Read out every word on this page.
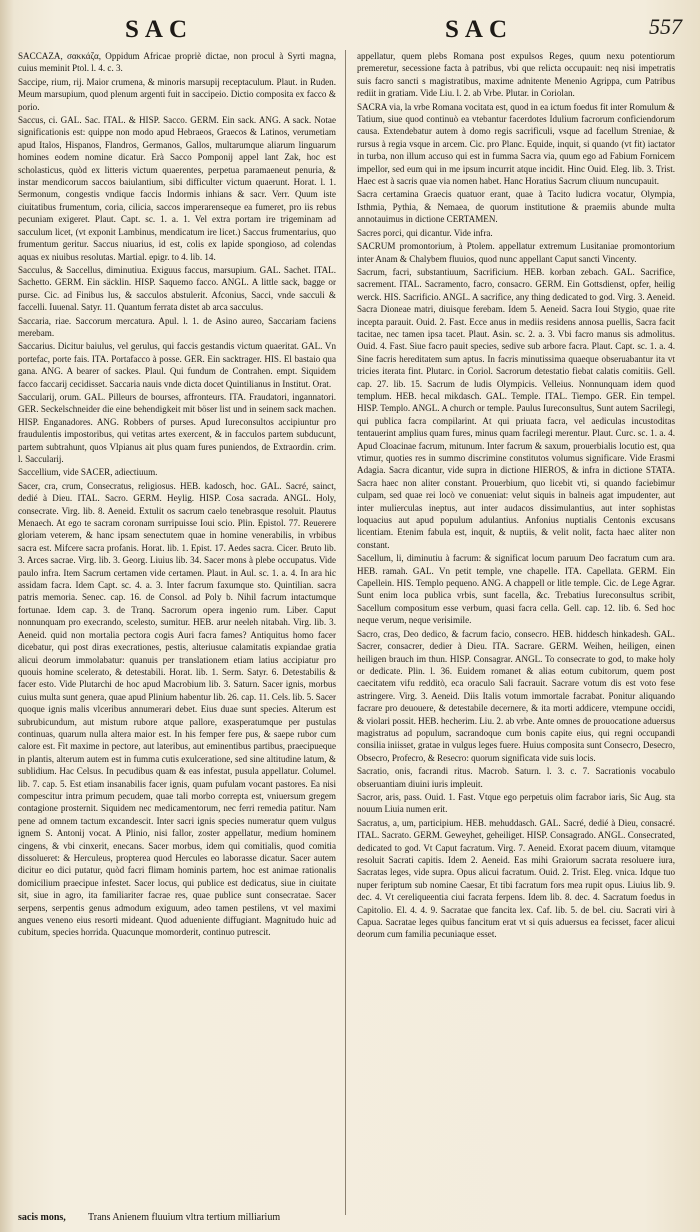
SAC	SAC	557

SACCAZA, σακκάζα, Oppidum Africae propriè dictae, non procul à Syrti magna, cuius meminit Ptol. l. 4. c. 3.

Saccipe, rium, rij. Maior crumena, & minoris marsupij receptaculum. Plaut. in Ruden. Meum marsupium, quod plenum argenti fuit in saccipeio. Dictio composita ex facco & porio.

Saccus, ci. GAL. Sac. ITAL. & HISP. Sacco. GERM. Ein sack. ANG. A sack. Notae significationis est: quippe non modo apud Hebraeos, Graecos & Latinos, verumetiam apud Italos, Hispanos, Flandros, Germanos, Gallos, multarumque aliarum linguarum homines eodem nomine dicatur. Erà Sacco Pomponij appel lant Zak, hoc est scholasticus, quòd ex litteris victum quaerentes, perpetua paramaeneut penuria, & instar mendicorum saccos baiulantium, sibi difficulter victum quaerunt. Horat. l. 1. Sermonum, congestis vndique faccis Indormis inhians & sacr. Verr. Quum iste ciuitatibus frumentum, coria, cilicia, saccos imperarenseque ea fumeret, pro iis rebus pecuniam exigeret. Plaut. Capt. sc. 1. a. 1. Vel extra portam ire trigeminam ad sacculum licet, (vt exponit Lambinus, mendicatum ire licet.) Saccus frumentarius, quo frumentum geritur. Saccus niuarius, id est, colis ex lapide spongioso, ad colendas aquas ex niuibus resolutas. Martial. epigr. to 4. lib. 14.

Sacculus, & Saccellus, diminutiua. Exiguus faccus, marsupium. GAL. Sachet. ITAL. Sachetto. GERM. Ein säcklin. HISP. Saquemo facco. ANGL. A little sack, bagge or purse. Cic. ad Finibus lus, & sacculos abstulerit. Afconius, Sacci, vnde sacculi & faccelli. Iuuenal. Satyr. 11. Quantum ferrata distet ab arca sacculus.

Saccaria, riae. Saccorum mercatura. Apul. l. 1. de Asino aureo, Saccariam faciens merebam.

Saccarius. Dicitur baiulus, vel gerulus, qui faccis gestandis victum quaeritat. GAL. Vn portefac, porte fais. ITA. Portafacco à posse. GER. Ein sacktrager. HIS. El bastaio qua gana. ANG. A bearer of sackes. Plaul. Qui fundum de Contrahen. empt. Siquidem facco faccarij cecidisset. Saccaria nauis vnde dicta docet Quintilianus in Institut. Orat.

Saccularij, orum. GAL. Pilleurs de bourses, affronteurs. ITA. Fraudatori, ingannatori. GER. Seckelschneider die eine behendigkeit mit böser list und in seinem sack machen. HISP. Enganadores. ANG. Robbers of purses. Apud Iureconsultos accipiuntur pro fraudulentis impostoribus, qui vetitas artes exercent, & in facculos partem subducunt, partem subtrahunt, quos Vlpianus ait plus quam fures puniendos, de Extraordin. crim. l. Saccularij.

Saccellium, vide SACER, adiectiuum.

Sacer, cra, crum, Consecratus, religiosus. HEB. kadosch, hoc. GAL. Sacré, sainct, dedié à Dieu. ITAL. Sacro. GERM. Heylig. HISP. Cosa sacrada. ANGL. Holy, consecrate. Virg. lib. 8. Aeneid. Extulit os sacrum caelo tenebrasque resoluit. Plautus Menaech. At ego te sacram coronam surripuisse Ioui scio. Plin. Epistol. 77. Reuerere gloriam veterem, & hanc ipsam senectutem quae in homine venerabilis, in vrbibus sacra est. Mifcere sacra profanis. Horat. lib. 1. Epist. 17. Aedes sacra. Cicer. Bruto lib. 3. Arces sacrae. Virg. lib. 3. Georg. Liuius lib. 34. Sacer mons à plebe occupatus. Vide paulo infra. Item Sacrum certamen vide certamen. Plaut. in Aul. sc. 1. a. 4. In ara hic assidam facra. Idem Capt. sc. 4. a. 3. Inter facrum faxumque sto. Quintilian. sacra patris memoria. Senec. cap. 16. de Consol. ad Poly b. Nihil facrum intactumque fortunae. Idem cap. 3. de Tranq. Sacrorum opera ingenio rum. Liber. Caput nonnunquam pro execrando, scelesto, sumitur. HEB. arur neeleh nitabah. Virg. lib. 3. Aeneid. quid non mortalia pectora cogis Auri facra fames? Antiquitus homo facer dicebatur, qui post diras execrationes, pestis, alteriusue calamitatis expiandae gratia alicui deorum immolabatur: quanuis per translationem etiam latius accipiatur pro quouis homine scelerato, & detestabili. Horat. lib. 1. Serm. Satyr. 6. Detestabilis & facer esto. Vide Plutarchi de hoc apud Macrobium lib. 3. Saturn. Sacer ignis, morbus cuius multa sunt genera, quae apud Plinium habentur lib. 26. cap. 11. Cels. lib. 5. Sacer quoque ignis malis vlceribus annumerari debet. Eius duae sunt species. Alterum est subrubicundum, aut mistum rubore atque pallore, exasperatumque per pustulas continuas, quarum nulla altera maior est. In his femper fere pus, & saepe rubor cum calore est. Fit maxime in pectore, aut lateribus, aut eminentibus partibus, praecipueque in plantis, alterum autem est in fumma cutis exulceratione, sed sine altitudine latum, & sublidium. Hac Celsus. In pecudibus quam & eas infestat, pusula appellatur. Columel. lib. 7. cap. 5. Est etiam insanabilis facer ignis, quam pufulam vocant pastores. Ea nisi compescitur intra primum pecudem, quae tali morbo correpta est, vniuersum gregem contagione prosternit. Siquidem nec medicamentorum, nec ferri remedia patitur. Nam pene ad omnem tactum excandescit. Inter sacri ignis species numeratur quem vulgus ignem S. Antonij vocat. A Plinio, nisi fallor, zoster appellatur, medium hominem cingens, & vbi cinxerit, enecans. Sacer morbus, idem qui comitialis, quod comitia dissolueret: & Herculeus, propterea quod Hercules eo laborasse dicatur. Sacer autem dicitur eo dici putatur, quòd facri flimam hominis partem, hoc est animae rationalis domicilium praecipue infestet. Sacer locus, qui publice est dedicatus, siue in ciuitate sit, siue in agro, ita familiariter facrae res, quae publice sunt consecratae. Sacer serpens, serpentis genus admodum exiguum, adeo tamen pestilens, vt vel maximi angues veneno eius resorti mideant. Quod adueniente diffugiant. Magnitudo huic ad cubitum, species horrida. Quacunque momorderit, continuo putrescit.

appellatur, quem plebs Romana post expulsos Reges, quum nexu potentiorum premeretur, secessione facta à patribus, vbi que relicta occupauit: neq nisi impetratis suis facro sancti s magistratibus, maxime adnitente Menenio Agrippa, cum Patribus rediit in gratiam. Vide Liu. l. 2. ab Vrbe. Plutar. in Coriolan.

SACRA via, la vrbe Romana vocitata est, quod in ea ictum foedus fit inter Romulum & Tatium, siue quod continuò ea vtebantur facerdotes Idulium facrorum conficiendorum causa. Extendebatur autem à domo regis sacrificuli, vsque ad facellum Streniae, & rursus à regia vsque in arcem. Cic. pro Planc. Equide, inquit, si quando (vt fit) iactator in turba, non illum accuso qui est in fumma Sacra via, quum ego ad Fabium Fornicem impellor, sed eum qui in me ipsum incurrit atque incidit. Hinc Ouid. Eleg. lib. 3. Trist. Haec est à sacris quae via nomen habet. Hanc Horatius Sacrum cliuum nuncupauit.

Sacra certamina Graecis quatuor erant, quae à Tacito ludicra vocatur, Olympia, Isthmia, Pythia, & Nemaea, de quorum institutione & praemiis abunde multa annotauimus in dictione CERTAMEN.

Sacres porci, qui dicantur. Vide infra.

SACRUM promontorium, à Ptolem. appellatur extremum Lusitaniae promontorium inter Anam & Chalybem fluuios, quod nunc appellant Caput sancti Vincenty.

Sacrum, facri, substantiuum, Sacrificium. HEB. korban zebach. GAL. Sacrifice, sacrement. ITAL. Sacramento, facro, consacro. GERM. Ein Gottsdienst, opfer, heilig werck. HIS. Sacrificio. ANGL. A sacrifice, any thing dedicated to god. Virg. 3. Aeneid. Sacra Dioneae matri, diuisque ferebam. Idem 5. Aeneid. Sacra Ioui Stygio, quae rite incepta parauit. Ouid. 2. Fast. Ecce anus in mediis residens annosa puellis, Sacra facit tacitae, nec tamen ipsa tacet. Plaut. Asin. sc. 2. a. 3. Vbi facro manus sis admolitus. Ouid. 4. Fast. Siue facro pauit species, sedive sub arbore facra. Plaut. Capt. sc. 1. a. 4. Sine facris hereditatem sum aptus. In facris minutissima quaeque obseruabantur ita vt tricies iterata fint. Plutarc. in Coriol. Sacrorum detestatio fiebat calatis comitiis. Gell. cap. 27. lib. 15. Sacrum de ludis Olympicis. Velleius. Nonnunquam idem quod templum. HEB. hecal mikdasch. GAL. Temple. ITAL. Tiempo. GER. Ein tempel. HISP. Templo. ANGL. A church or temple. Paulus Iureconsultus, Sunt autem Sacrilegi, qui publica facra compilarint. At qui priuata facra, vel aediculas incustoditas tentauerint amplius quam fures, minus quam facrilegi merentur. Plaut. Curc. sc. 1. a. 4. Apud Cloacinae facrum, mitunum. Inter facrum & saxum, prouerbialis locutio est, qua vtimur, quoties res in summo discrimine constitutos volumus significare. Vide Erasmi Adagia. Sacra dicantur, vide supra in dictione HIEROS, & infra in dictione STATA. Sacra haec non aliter constant. Prouerbium, quo licebit vti, si quando faciebimur culpam, sed quae rei locò ve conueniat: velut siquis in balneis agat impudenter, aut inter mulierculas ineptus, aut inter audacos dissimulantius, aut inter sophistas loquacius aut apud populum adulantius. Anfonius nuptialis Centonis excusans licentiam. Etenim fabula est, inquit, & nuptiis, & velit nolit, facta haec aliter non constant.

Sacellum, li, diminutiu à facrum: & significat locum paruum Deo facratum cum ara. HEB. ramah. GAL. Vn petit temple, vne chapelle. ITA. Capellata. GERM. Ein Capellein. HIS. Templo pequeno. ANG. A chappell or litle temple. Cic. de Lege Agrar. Sunt enim loca publica vrbis, sunt facella, &c. Trebatius Iureconsultus scribit, Sacellum compositum esse verbum, quasi facra cella. Gell. cap. 12. lib. 6. Sed hoc neque verum, neque verisimile.

Sacro, cras, Deo dedico, & facrum facio, consecro. HEB. hiddesch hinkadesh. GAL. Sacrer, consacrer, dedier à Dieu. ITA. Sacrare. GERM. Weihen, heiligen, einen heiligen brauch im thun. HISP. Consagrar. ANGL. To consecrate to god, to make holy or dedicate. Plin. l. 36. Euidem romanet & alias eotum cubitorum, quem post caecitatem vifu redditò, eca oraculo Sali facrauit. Sacrare votum dis est voto fese astringere. Virg. 3. Aeneid. Diis Italis votum immortale facrabat. Ponitur aliquando facrare pro deuouere, & detestabile decernere, & ita morti addicere, vtempune occidi, & violari possit. HEB. hecherim. Liu. 2. ab vrbe. Ante omnes de prouocatione aduersus magistratus ad populum, sacrandoque cum bonis capite eius, qui regni occupandi consilia iniisset, gratae in vulgus leges fuere. Huius composita sunt Consecro, Desecro, Obsecro, Profecro, & Resecro: quorum significata vide suis locis.

Sacratio, onis, facrandi ritus. Macrob. Saturn. l. 3. c. 7. Sacrationis vocabulo obseruantiam diuini iuris impleuit.

Sacror, aris, pass. Ouid. 1. Fast. Vtque ego perpetuis olim facrabor iaris, Sic Aug. sta nouum Liuia numen erit.

Sacratus, a, um, participium. HEB. mehuddasch. GAL. Sacré, dedié à Dieu, consacré. ITAL. Sacrato. GERM. Geweyhet, geheiliget. HISP. Consagrado. ANGL. Consecrated, dedicated to god. Vt Caput facratum. Virg. 7. Aeneid. Exorat pacem diuum, vitamque resoluit Sacrati capitis. Idem 2. Aeneid. Eas mihi Graiorum sacrata resoluere iura, Sacratas leges, vide supra. Opus alicui facratum. Ouid. 2. Trist. Eleg. vnica. Idque tuo nuper feriptum sub nomine Caesar, Et tibi facratum fors mea rupit opus. Liuius lib. 9. dec. 4. Vt cereliqueentia ciui facrata ferpens. Idem lib. 8. dec. 4. Sacratum foedus in Capitolio. El. 4. 4. 9. Sacratae que fancita lex. Caf. lib. 5. de bel. ciu. Sacrati viri à Capua. Sacratae leges quibus fancitum erat vt si quis aduersus ea fecisset, facer alicui deorum cum familia pecuniaque esset.

sacis mons, Trans Anienem fluuium vltra tertium milliarium
